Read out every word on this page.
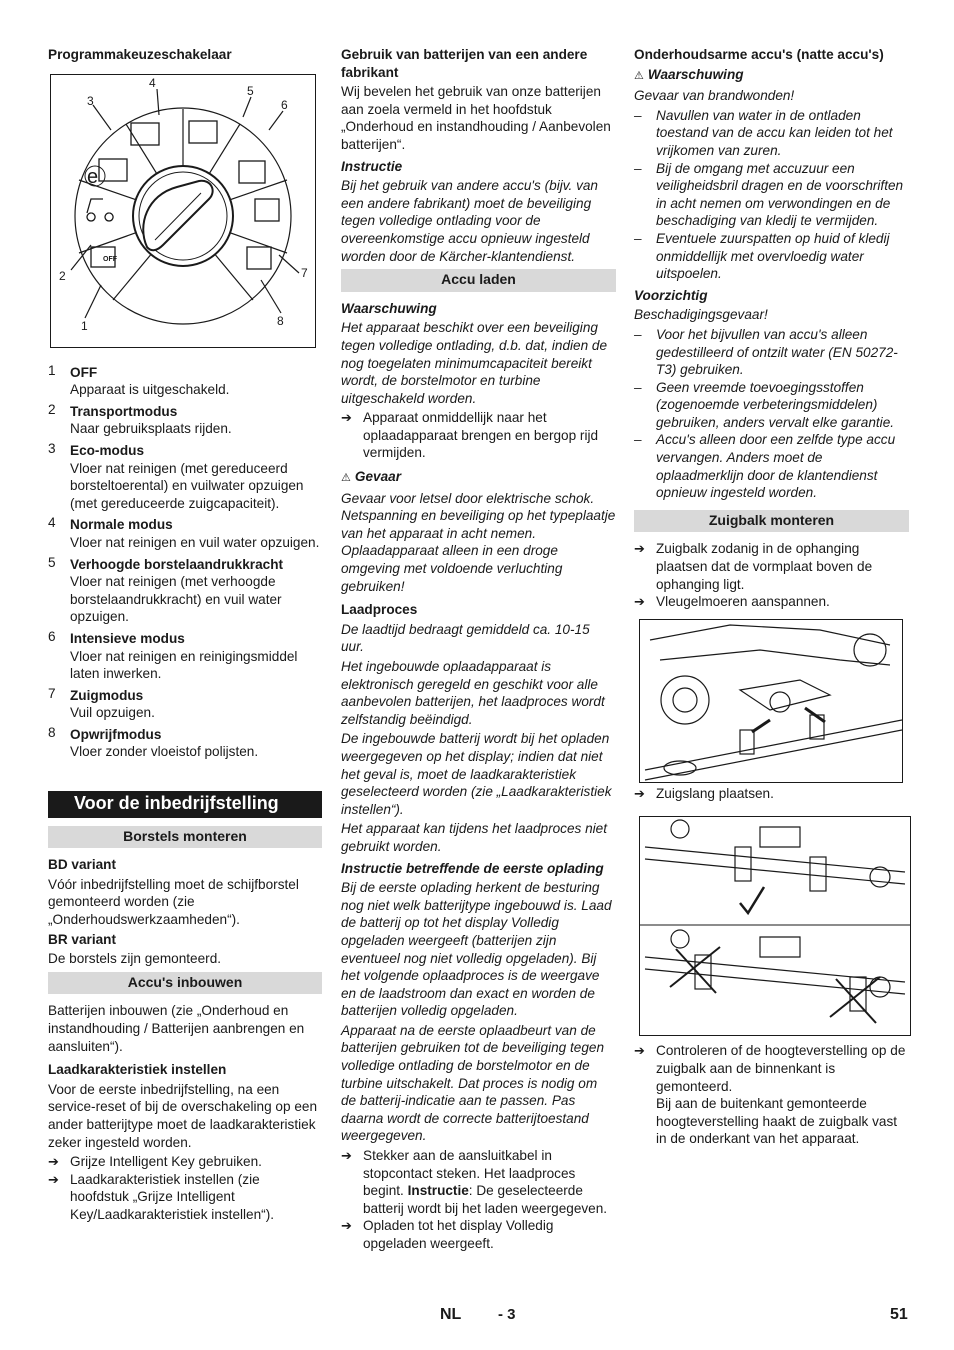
Programmakeuzeschakelaar

OFF
e
1
2
3
4
5
6
7
8
1	OFF

Apparaat is uitgeschakeld.

2	Transportmodus

Naar gebruiksplaats rijden.

3	Eco-modus

Vloer nat reinigen (met gereduceerd borsteltoerental) en vuilwater opzuigen (met gereduceerde zuigcapaciteit).

4	Normale modus

Vloer nat reinigen en vuil water opzuigen.

5	Verhoogde borstelaandrukkracht

Vloer nat reinigen (met verhoogde borstelaandrukkracht) en vuil water opzuigen.

6	Intensieve modus

Vloer nat reinigen en reinigingsmiddel laten inwerken.

7	Zuigmodus

Vuil opzuigen.

8	Opwrijfmodus

Vloer zonder vloeistof polijsten.

Voor de inbedrijfstelling
Borstels monteren

BD variant

Vóór inbedrijfstelling moet de schijfborstel gemonteerd worden (zie „Onderhoudswerkzaamheden“).

BR variant

De borstels zijn gemonteerd.

Accu's inbouwen

Batterijen inbouwen (zie „Onderhoud en instandhouding / Batterijen aanbrengen en aansluiten“).

Laadkarakteristiek instellen

Voor de eerste inbedrijfstelling, na een service-reset of bij de overschakeling op een ander batterijtype moet de laadkarakteristiek zeker ingesteld worden.

➔ Grijze Intelligent Key gebruiken.
➔ Laadkarakteristiek instellen (zie hoofdstuk „Grijze Intelligent Key/Laadkarakteristiek instellen“).

Gebruik van batterijen van een andere fabrikant

Wij bevelen het gebruik van onze batterijen aan zoela vermeld in het hoofdstuk „Onderhoud en instandhouding / Aanbevolen batterijen“.

Instructie

Bij het gebruik van andere accu's (bijv. van een andere fabrikant) moet de beveiliging tegen volledige ontlading voor de overeenkomstige accu opnieuw ingesteld worden door de Kärcher-klantendienst.

Accu laden

Waarschuwing

Het apparaat beschikt over een beveiliging tegen volledige ontlading, d.b. dat, indien de nog toegelaten minimumcapaciteit bereikt wordt, de borstelmotor en turbine uitgeschakeld worden.

➔ Apparaat onmiddellijk naar het oplaadapparaat brengen en bergop rijd vermijden.

⚠ Gevaar

Gevaar voor letsel door elektrische schok. Netspanning en beveiliging op het typeplaatje van het apparaat in acht nemen. Oplaadapparaat alleen in een droge omgeving met voldoende verluchting gebruiken!

Laadproces

De laadtijd bedraagt gemiddeld ca. 10-15 uur.

Het ingebouwde oplaadapparaat is elektronisch geregeld en geschikt voor alle aanbevolen batterijen, het laadproces wordt zelfstandig beëindigd.

De ingebouwde batterij wordt bij het opladen weergegeven op het display; indien dat niet het geval is, moet de laadkarakteristiek geselecteerd worden (zie „Laadkarakteristiek instellen“).

Het apparaat kan tijdens het laadproces niet gebruikt worden.

Instructie betreffende de eerste oplading

Bij de eerste oplading herkent de besturing nog niet welk batterijtype ingebouwd is. Laad de batterij op tot het display Volledig opgeladen weergeeft (batterijen zijn eventueel nog niet volledig opgeladen). Bij het volgende oplaadproces is de weergave en de laadstroom dan exact en worden de batterijen volledig opgeladen.

Apparaat na de eerste oplaadbeurt van de batterijen gebruiken tot de beveiliging tegen volledige ontlading de borstelmotor en de turbine uitschakelt. Dat proces is nodig om de batterij-indicatie aan te passen. Pas daarna wordt de correcte batterijtoestand weergegeven.

➔ Stekker aan de aansluitkabel in stopcontact steken. Het laadproces begint. Instructie: De geselecteerde batterij wordt bij het laden weergegeven.
➔ Opladen tot het display Volledig opgeladen weergeeft.

Onderhoudsarme accu's (natte accu's)

⚠ Waarschuwing

Gevaar van brandwonden!

–	Navullen van water in de ontladen toestand van de accu kan leiden tot het vrijkomen van zuren.
–	Bij de omgang met accuzuur een veiligheidsbril dragen en de voorschriften in acht nemen om verwondingen en de beschadiging van kledij te vermijden.
–	Eventuele zuurspatten op huid of kledij onmiddellijk met overvloedig water uitspoelen.

Voorzichtig

Beschadigingsgevaar!

–	Voor het bijvullen van accu's alleen gedestilleerd of ontzilt water (EN 50272-T3) gebruiken.
–	Geen vreemde toevoegingsstoffen (zogenoemde verbeteringsmiddelen) gebruiken, anders vervalt elke garantie.
–	Accu's alleen door een zelfde type accu vervangen. Anders moet de oplaadmerklijn door de klantendienst opnieuw ingesteld worden.
Zuigbalk monteren
➔ Zuigbalk zodanig in de ophanging plaatsen dat de vormplaat boven de ophanging ligt.
➔ Vleugelmoeren aanspannen.
➔ Zuigslang plaatsen.
➔ Controleren of de hoogteverstelling op de zuigbalk aan de binnenkant is gemonteerd.

Bij aan de buitenkant gemonteerde hoogteverstelling haakt de zuigbalk vast in de onderkant van het apparaat.

NL - 3	51
